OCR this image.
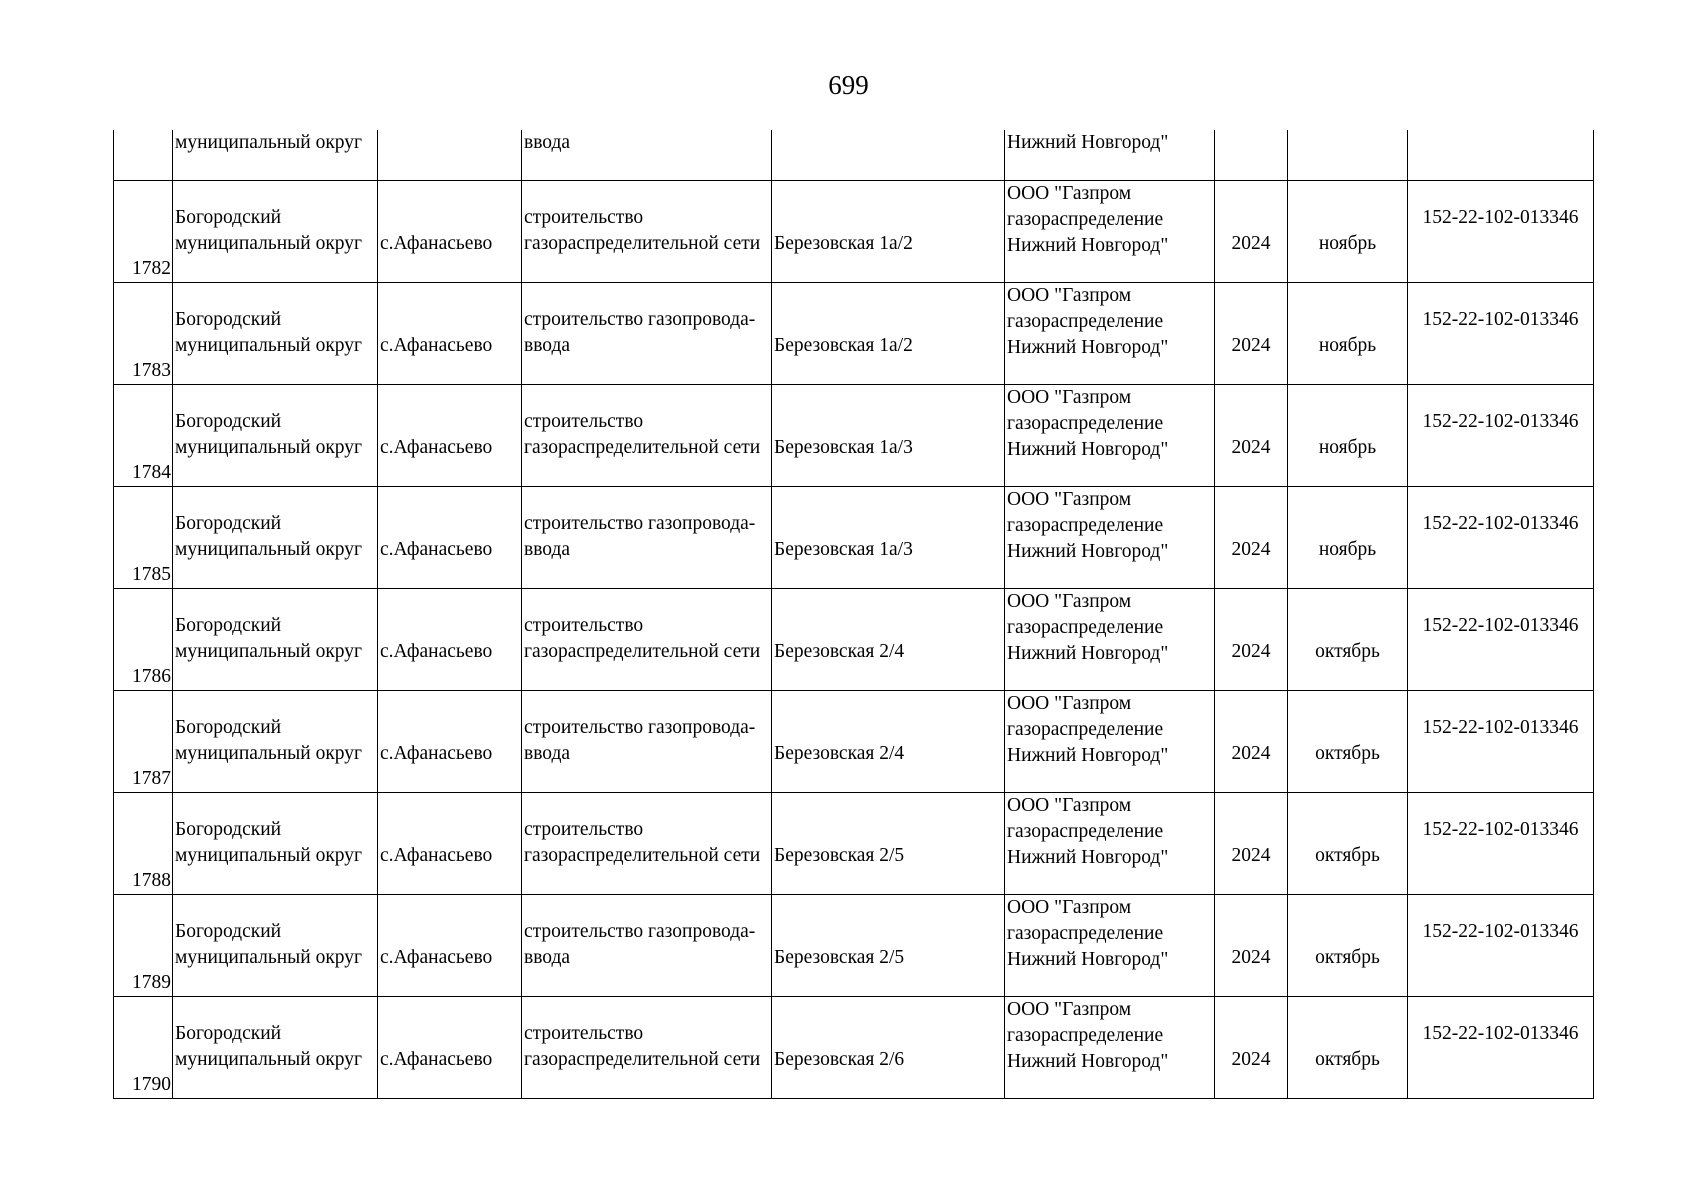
699
	муниципальный округ		ввода		Нижний Новгород"			

1782	Богородский
муниципальный округ	с.Афанасьево	строительство
газораспределительной сети	Березовская 1а/2	ООО "Газпром
газораспределение
Нижний Новгород"	2024	ноябрь	152-22-102-013346

1783	Богородский
муниципальный округ	с.Афанасьево	строительство газопровода-
ввода	Березовская 1а/2	ООО "Газпром
газораспределение
Нижний Новгород"	2024	ноябрь	152-22-102-013346

1784	Богородский
муниципальный округ	с.Афанасьево	строительство
газораспределительной сети	Березовская 1а/3	ООО "Газпром
газораспределение
Нижний Новгород"	2024	ноябрь	152-22-102-013346

1785	Богородский
муниципальный округ	с.Афанасьево	строительство газопровода-
ввода	Березовская 1а/3	ООО "Газпром
газораспределение
Нижний Новгород"	2024	ноябрь	152-22-102-013346

1786	Богородский
муниципальный округ	с.Афанасьево	строительство
газораспределительной сети	Березовская 2/4	ООО "Газпром
газораспределение
Нижний Новгород"	2024	октябрь	152-22-102-013346

1787	Богородский
муниципальный округ	с.Афанасьево	строительство газопровода-
ввода	Березовская 2/4	ООО "Газпром
газораспределение
Нижний Новгород"	2024	октябрь	152-22-102-013346

1788	Богородский
муниципальный округ	с.Афанасьево	строительство
газораспределительной сети	Березовская 2/5	ООО "Газпром
газораспределение
Нижний Новгород"	2024	октябрь	152-22-102-013346

1789	Богородский
муниципальный округ	с.Афанасьево	строительство газопровода-
ввода	Березовская 2/5	ООО "Газпром
газораспределение
Нижний Новгород"	2024	октябрь	152-22-102-013346

1790	Богородский
муниципальный округ	с.Афанасьево	строительство
газораспределительной сети	Березовская 2/6	ООО "Газпром
газораспределение
Нижний Новгород"	2024	октябрь	152-22-102-013346
